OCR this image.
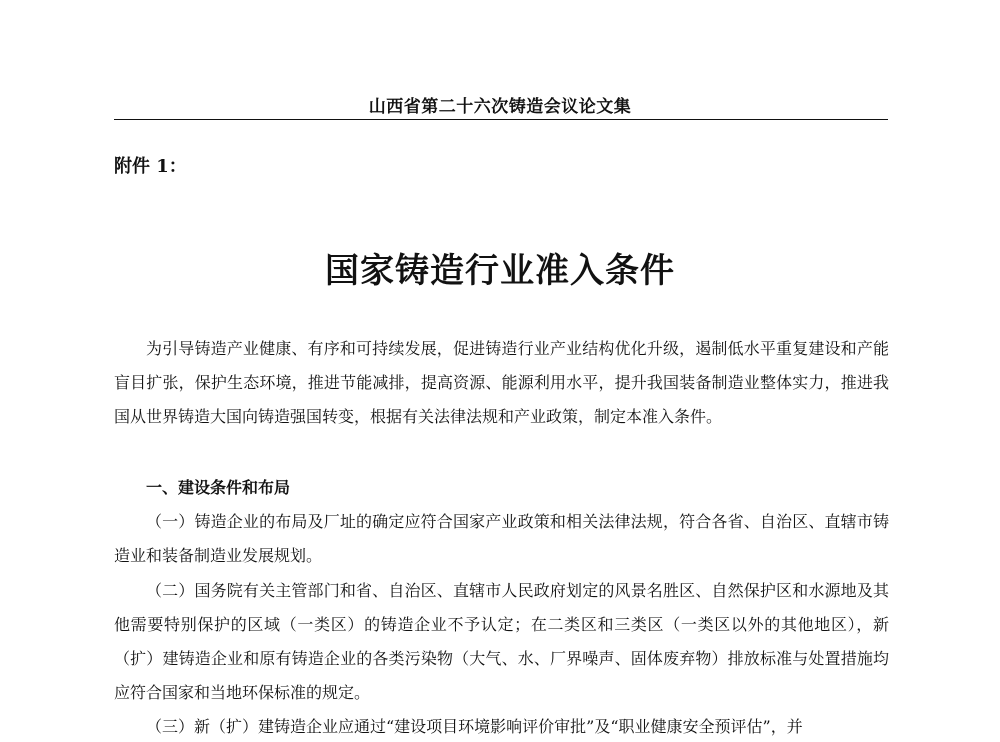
山西省第二十六次铸造会议论文集
附件 1：
国家铸造行业准入条件

为引导铸造产业健康、有序和可持续发展，促进铸造行业产业结构优化升级，遏制低水平重复建设和产能盲目扩张，保护生态环境，推进节能减排，提高资源、能源利用水平，提升我国装备制造业整体实力，推进我国从世界铸造大国向铸造强国转变，根据有关法律法规和产业政策，制定本准入条件。

一、建设条件和布局

（一）铸造企业的布局及厂址的确定应符合国家产业政策和相关法律法规，符合各省、自治区、直辖市铸造业和装备制造业发展规划。

（二）国务院有关主管部门和省、自治区、直辖市人民政府划定的风景名胜区、自然保护区和水源地及其他需要特别保护的区域（一类区）的铸造企业不予认定；在二类区和三类区（一类区以外的其他地区），新（扩）建铸造企业和原有铸造企业的各类污染物（大气、水、厂界噪声、固体废弃物）排放标准与处置措施均应符合国家和当地环保标准的规定。

（三）新（扩）建铸造企业应通过“建设项目环境影响评价审批”及“职业健康安全预评估”，并
